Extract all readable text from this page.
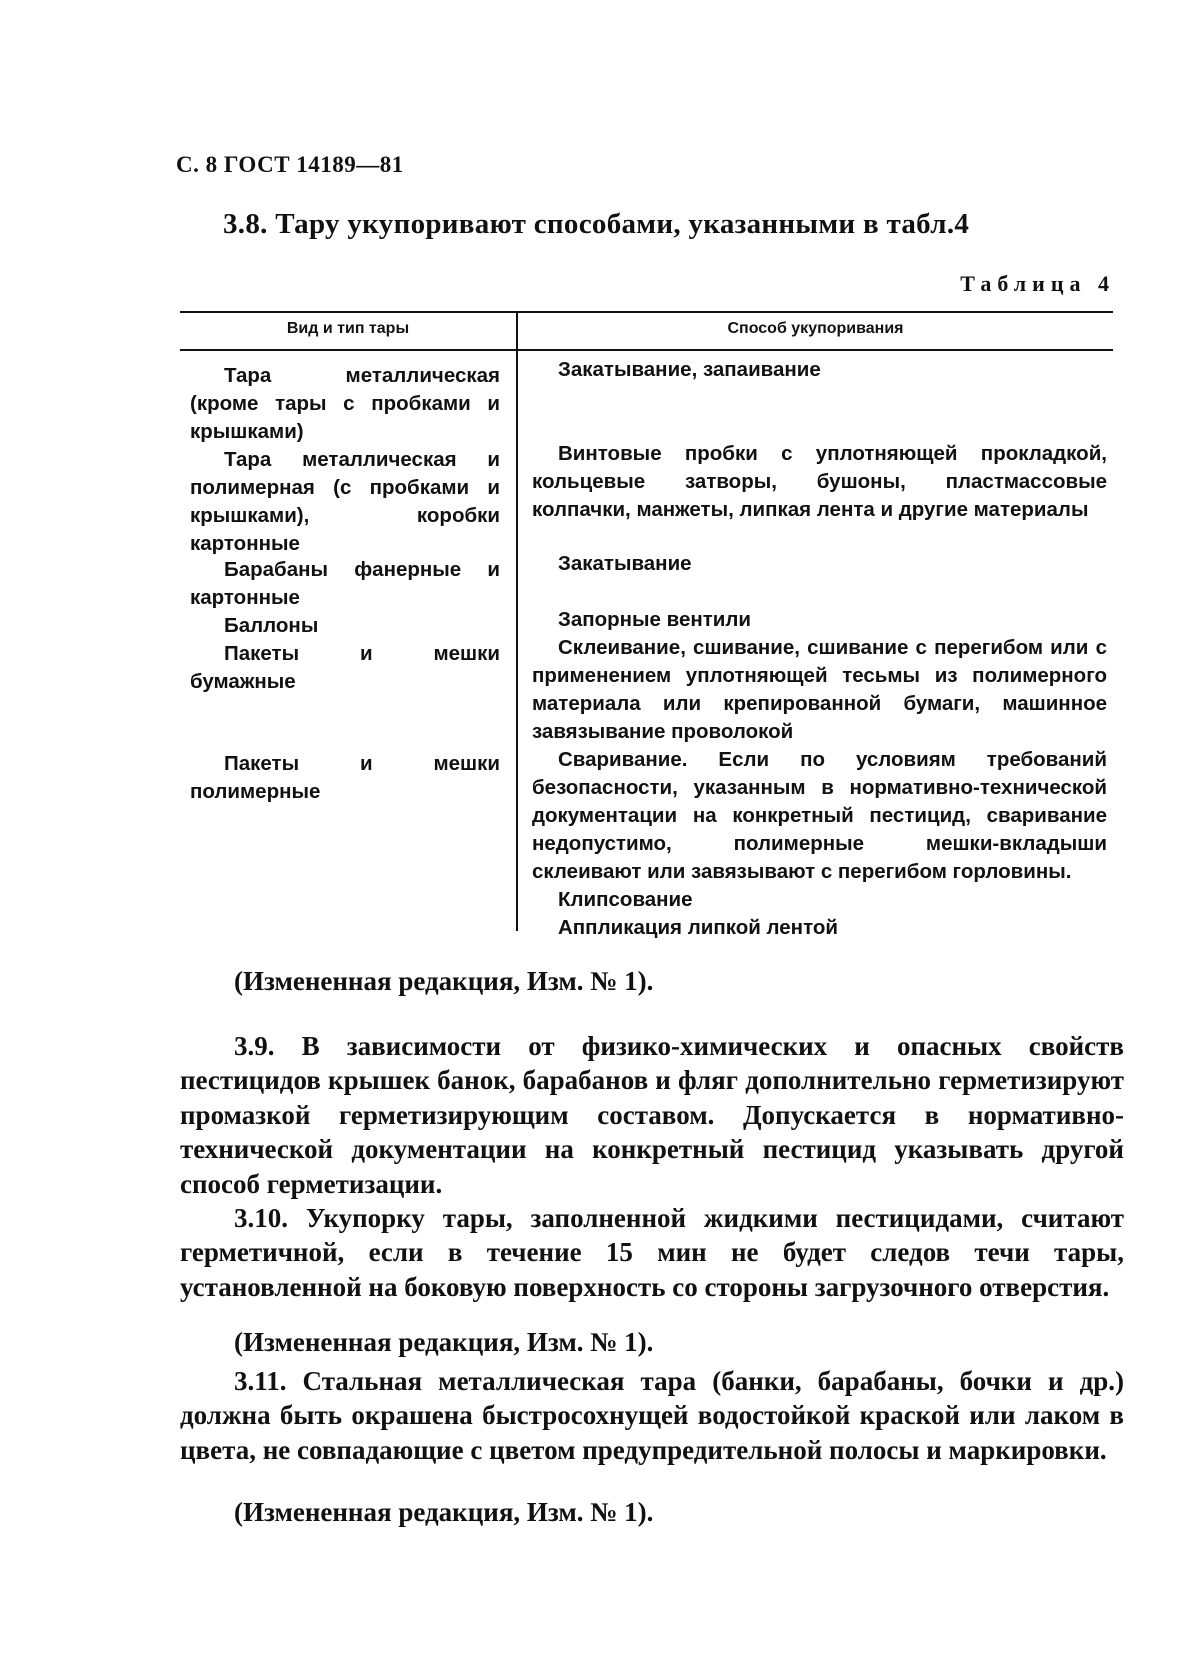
С. 8 ГОСТ 14189—81
3.8. Тару укупоривают способами, указанными в табл.4
Таблица 4
Вид и тип тары	Способ укупоривания
Тара металлическая (кроме тары с пробками и крышками)
Закатывание, запаивание
Тара металлическая и полимерная (с пробками и крышками), коробки картонные
Винтовые пробки с уплотняющей прокладкой, кольцевые затворы, бушоны, пластмассовые колпачки, манжеты, липкая лента и другие материалы
Барабаны фанерные и картонные
Закатывание
Баллоны	Запорные вентили
Пакеты и мешки бумажные
Склеивание, сшивание, сшивание с перегибом или с применением уплотняющей тесьмы из полимерного материала или крепированной бумаги, машинное завязывание проволокой
Пакеты и мешки полимерные
Сваривание. Если по условиям требований безопасности, указанным в нормативно-технической документации на конкретный пестицид, сваривание недопустимо, полимерные мешки-вкладыши склеивают или завязывают с перегибом горловины.
Клипсование
Аппликация липкой лентой
(Измененная редакция, Изм. № 1).

3.9. В зависимости от физико-химических и опасных свойств пестицидов крышек банок, барабанов и фляг дополнительно герметизируют промазкой герметизирующим составом. Допускается в нормативно-технической документации на конкретный пестицид указывать другой способ герметизации.

3.10. Укупорку тары, заполненной жидкими пестицидами, считают герметичной, если в течение 15 мин не будет следов течи тары, установленной на боковую поверхность со стороны загрузочного отверстия.

(Измененная редакция, Изм. № 1).

3.11. Стальная металлическая тара (банки, барабаны, бочки и др.) должна быть окрашена быстросохнущей водостойкой краской или лаком в цвета, не совпадающие с цветом предупредительной полосы и маркировки.

(Измененная редакция, Изм. № 1).
